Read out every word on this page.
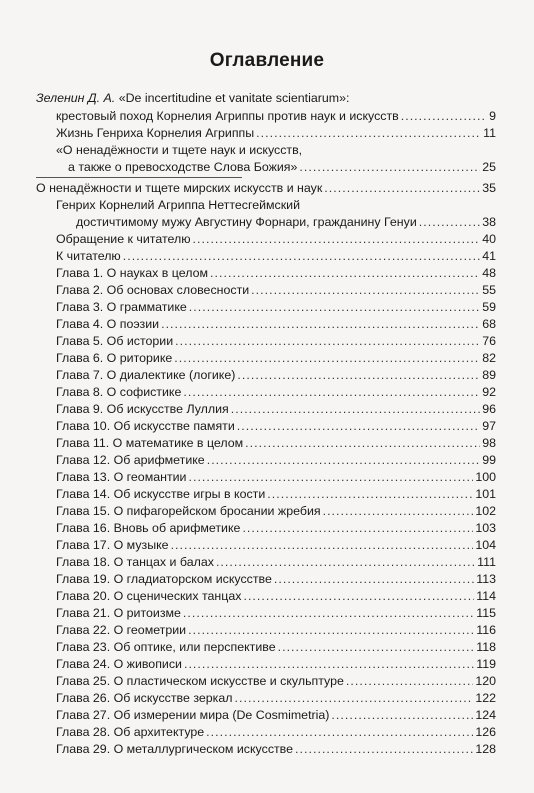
Оглавление
Зеленин Д. А. «De incertitudine et vanitate scientiarum»:
крестовый поход Корнелия Агриппы против наук и искусств . . .	9
Жизнь Генриха Корнелия Агриппы . . .	11
«О ненадёжности и тщете наук и искусств,
а также о превосходстве Слова Божия» . . .	25
О ненадёжности и тщете мирских искусств и наук . . .	35
Генрих Корнелий Агриппа Неттесгеймский
достичтимому мужу Августину Форнари, гражданину Генуи . . .	38
Обращение к читателю . . .	40
К читателю . . .	41
Глава 1. О науках в целом . . .	48
Глава 2. Об основах словесности . . .	55
Глава 3. О грамматике . . .	59
Глава 4. О поэзии . . .	68
Глава 5. Об истории . . .	76
Глава 6. О риторике . . .	82
Глава 7. О диалектике (логике) . . .	89
Глава 8. О софистике . . .	92
Глава 9. Об искусстве Луллия . . .	96
Глава 10. Об искусстве памяти . . .	97
Глава 11. О математике в целом . . .	98
Глава 12. Об арифметике . . .	99
Глава 13. О геомантии . . .	100
Глава 14. Об искусстве игры в кости . . .	101
Глава 15. О пифагорейском бросании жребия . . .	102
Глава 16. Вновь об арифметике . . .	103
Глава 17. О музыке . . .	104
Глава 18. О танцах и балах . . .	111
Глава 19. О гладиаторском искусстве . . .	113
Глава 20. О сценических танцах . . .	114
Глава 21. О ритоизме . . .	115
Глава 22. О геометрии . . .	116
Глава 23. Об оптике, или перспективе . . .	118
Глава 24. О живописи . . .	119
Глава 25. О пластическом искусстве и скульптуре . . .	120
Глава 26. Об искусстве зеркал . . .	122
Глава 27. Об измерении мира (De Cosmimetria) . . .	124
Глава 28. Об архитектуре . . .	126
Глава 29. О металлургическом искусстве . . .	128
